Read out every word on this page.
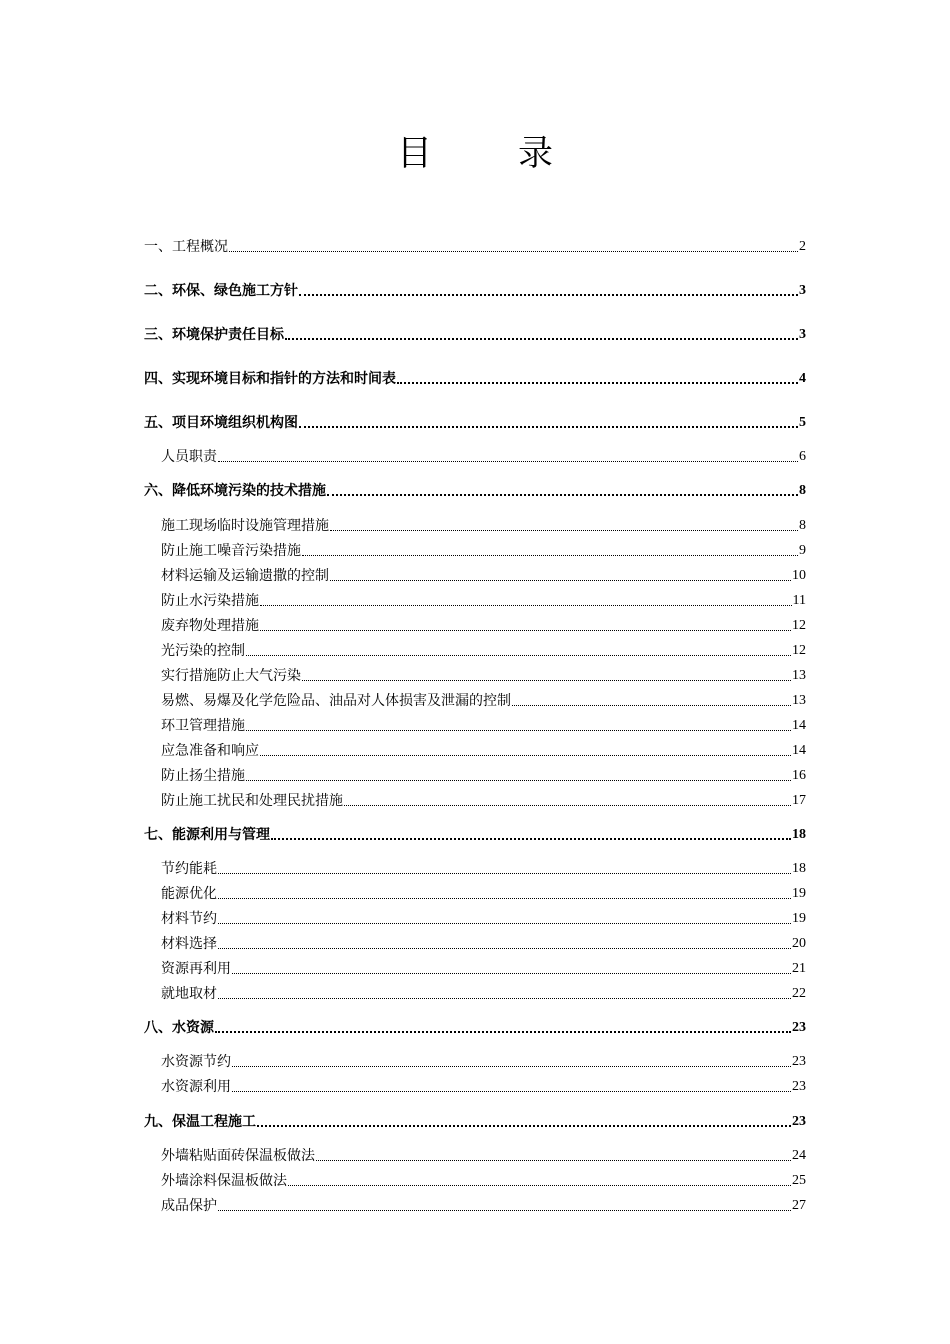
目 录
一、工程概况	2
二、环保、绿色施工方针	3
三、环境保护责任目标	3
四、实现环境目标和指针的方法和时间表	4
五、项目环境组织机构图	5
人员职责	6
六、降低环境污染的技术措施	8
施工现场临时设施管理措施	8
防止施工噪音污染措施	9
材料运输及运输遗撒的控制	10
防止水污染措施	11
废弃物处理措施	12
光污染的控制	12
实行措施防止大气污染	13
易燃、易爆及化学危险品、油品对人体损害及泄漏的控制	13
环卫管理措施	14
应急准备和响应	14
防止扬尘措施	16
防止施工扰民和处理民扰措施	17
七、能源利用与管理	18
节约能耗	18
能源优化	19
材料节约	19
材料选择	20
资源再利用	21
就地取材	22
八、水资源	23
水资源节约	23
水资源利用	23
九、保温工程施工	23
外墙粘贴面砖保温板做法	24
外墙涂料保温板做法	25
成品保护	27
